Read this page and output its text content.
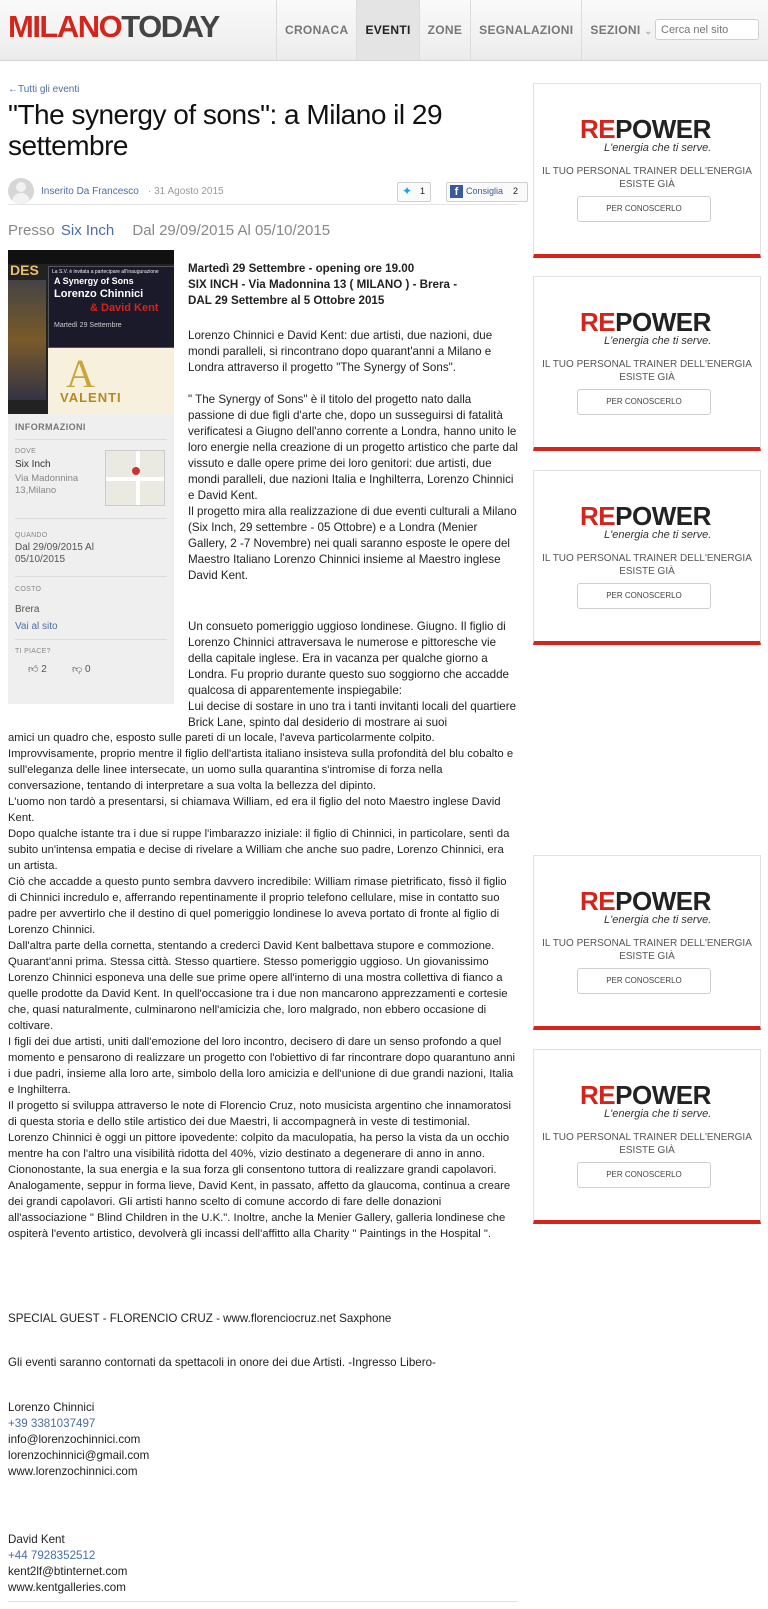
MILANOTODAY	CRONACA	EVENTI	ZONE	SEGNALAZIONI	SEZIONI ⌄
Cerca nel sito
←Tutti gli eventi
"The synergy of sons": a Milano il 29 settembre
Inserito Da Francesco · 31 Agosto 2015	✦ 1	f Consiglia 2
Presso Six Inch Dal 29/09/2015 Al 05/10/2015
DES	La S.V. è invitata a partecipare all'inaugurazione
A Synergy of Sons
Lorenzo Chinnici
& David Kent
Martedì 29 Settembre
A
VALENTI
INFORMAZIONI
DOVE
Six Inch
Via Madonnina 13,Milano
QUANDO
Dal 29/09/2015 Al 05/10/2015
COSTO
Brera
Vai al sito
TI PIACE?
👍︎ 2	👎︎ 0
Martedì 29 Settembre - opening ore 19.00
SIX INCH - Via Madonnina 13 ( MILANO ) - Brera -
DAL 29 Settembre al 5 Ottobre 2015
Lorenzo Chinnici e David Kent: due artisti, due nazioni, due mondi paralleli, si rincontrano dopo quarant'anni a Milano e Londra attraverso il progetto "The Synergy of Sons".
" The Synergy of Sons" è il titolo del progetto nato dalla passione di due figli d'arte che, dopo un susseguirsi di fatalità verificatesi a Giugno dell'anno corrente a Londra, hanno unito le loro energie nella creazione di un progetto artistico che parte dal vissuto e dalle opere prime dei loro genitori: due artisti, due mondi paralleli, due nazioni Italia e Inghilterra, Lorenzo Chinnici e David Kent.
Il progetto mira alla realizzazione di due eventi culturali a Milano (Six Inch, 29 settembre - 05 Ottobre) e a Londra (Menier Gallery, 2 -7 Novembre) nei quali saranno esposte le opere del Maestro Italiano Lorenzo Chinnici insieme al Maestro inglese David Kent.
Un consueto pomeriggio uggioso londinese. Giugno. Il figlio di Lorenzo Chinnici attraversava le numerose e pittoresche vie della capitale inglese. Era in vacanza per qualche giorno a Londra. Fu proprio durante questo suo soggiorno che accadde qualcosa di apparentemente inspiegabile:
Lui decise di sostare in uno tra i tanti invitanti locali del quartiere Brick Lane, spinto dal desiderio di mostrare ai suoi
amici un quadro che, esposto sulle pareti di un locale, l'aveva particolarmente colpito. Improvvisamente, proprio mentre il figlio dell'artista italiano insisteva sulla profondità del blu cobalto e sull'eleganza delle linee intersecate, un uomo sulla quarantina s'intromise di forza nella conversazione, tentando di interpretare a sua volta la bellezza del dipinto.
L'uomo non tardò a presentarsi, si chiamava William, ed era il figlio del noto Maestro inglese David Kent.
Dopo qualche istante tra i due si ruppe l'imbarazzo iniziale: il figlio di Chinnici, in particolare, sentì da subito un'intensa empatia e decise di rivelare a William che anche suo padre, Lorenzo Chinnici, era un artista.
Ciò che accadde a questo punto sembra davvero incredibile: William rimase pietrificato, fissò il figlio di Chinnici incredulo e, afferrando repentinamente il proprio telefono cellulare, mise in contatto suo padre per avvertirlo che il destino di quel pomeriggio londinese lo aveva portato di fronte al figlio di Lorenzo Chinnici.
Dall'altra parte della cornetta, stentando a crederci David Kent balbettava stupore e commozione. Quarant'anni prima. Stessa città. Stesso quartiere. Stesso pomeriggio uggioso. Un giovanissimo Lorenzo Chinnici esponeva una delle sue prime opere all'interno di una mostra collettiva di fianco a quelle prodotte da David Kent. In quell'occasione tra i due non mancarono apprezzamenti e cortesie che, quasi naturalmente, culminarono nell'amicizia che, loro malgrado, non ebbero occasione di coltivare.
I figli dei due artisti, uniti dall'emozione del loro incontro, decisero di dare un senso profondo a quel momento e pensarono di realizzare un progetto con l'obiettivo di far rincontrare dopo quarantuno anni i due padri, insieme alla loro arte, simbolo della loro amicizia e dell'unione di due grandi nazioni, Italia e Inghilterra.
Il progetto si sviluppa attraverso le note di Florencio Cruz, noto musicista argentino che innamoratosi di questa storia e dello stile artistico dei due Maestri, li accompagnerà in veste di testimonial.
Lorenzo Chinnici è oggi un pittore ipovedente: colpito da maculopatia, ha perso la vista da un occhio mentre ha con l'altro una visibilità ridotta del 40%, vizio destinato a degenerare di anno in anno. Ciononostante, la sua energia e la sua forza gli consentono tuttora di realizzare grandi capolavori. Analogamente, seppur in forma lieve, David Kent, in passato, affetto da glaucoma, continua a creare dei grandi capolavori. Gli artisti hanno scelto di comune accordo di fare delle donazioni all'associazione " Blind Children in the U.K.". Inoltre, anche la Menier Gallery, galleria londinese che ospiterà l'evento artistico, devolverà gli incassi dell'affitto alla Charity " Paintings in the Hospital ".
SPECIAL GUEST - FLORENCIO CRUZ - www.florenciocruz.net Saxphone
Gli eventi saranno contornati da spettacoli in onore dei due Artisti. -Ingresso Libero-
Lorenzo Chinnici
+39 3381037497
info@lorenzochinnici.com
lorenzochinnici@gmail.com
www.lorenzochinnici.com
David Kent
+44 7928352512
kent2lf@btinternet.com
www.kentgalleries.com
REPOWER
L'energia che ti serve.
IL TUO PERSONAL TRAINER DELL'ENERGIA
ESISTE GIÀ
PER CONOSCERLO
REPOWER
L'energia che ti serve.
IL TUO PERSONAL TRAINER DELL'ENERGIA
ESISTE GIÀ
PER CONOSCERLO
REPOWER
L'energia che ti serve.
IL TUO PERSONAL TRAINER DELL'ENERGIA
ESISTE GIÀ
PER CONOSCERLO
REPOWER
L'energia che ti serve.
IL TUO PERSONAL TRAINER DELL'ENERGIA
ESISTE GIÀ
PER CONOSCERLO
REPOWER
L'energia che ti serve.
IL TUO PERSONAL TRAINER DELL'ENERGIA
ESISTE GIÀ
PER CONOSCERLO
